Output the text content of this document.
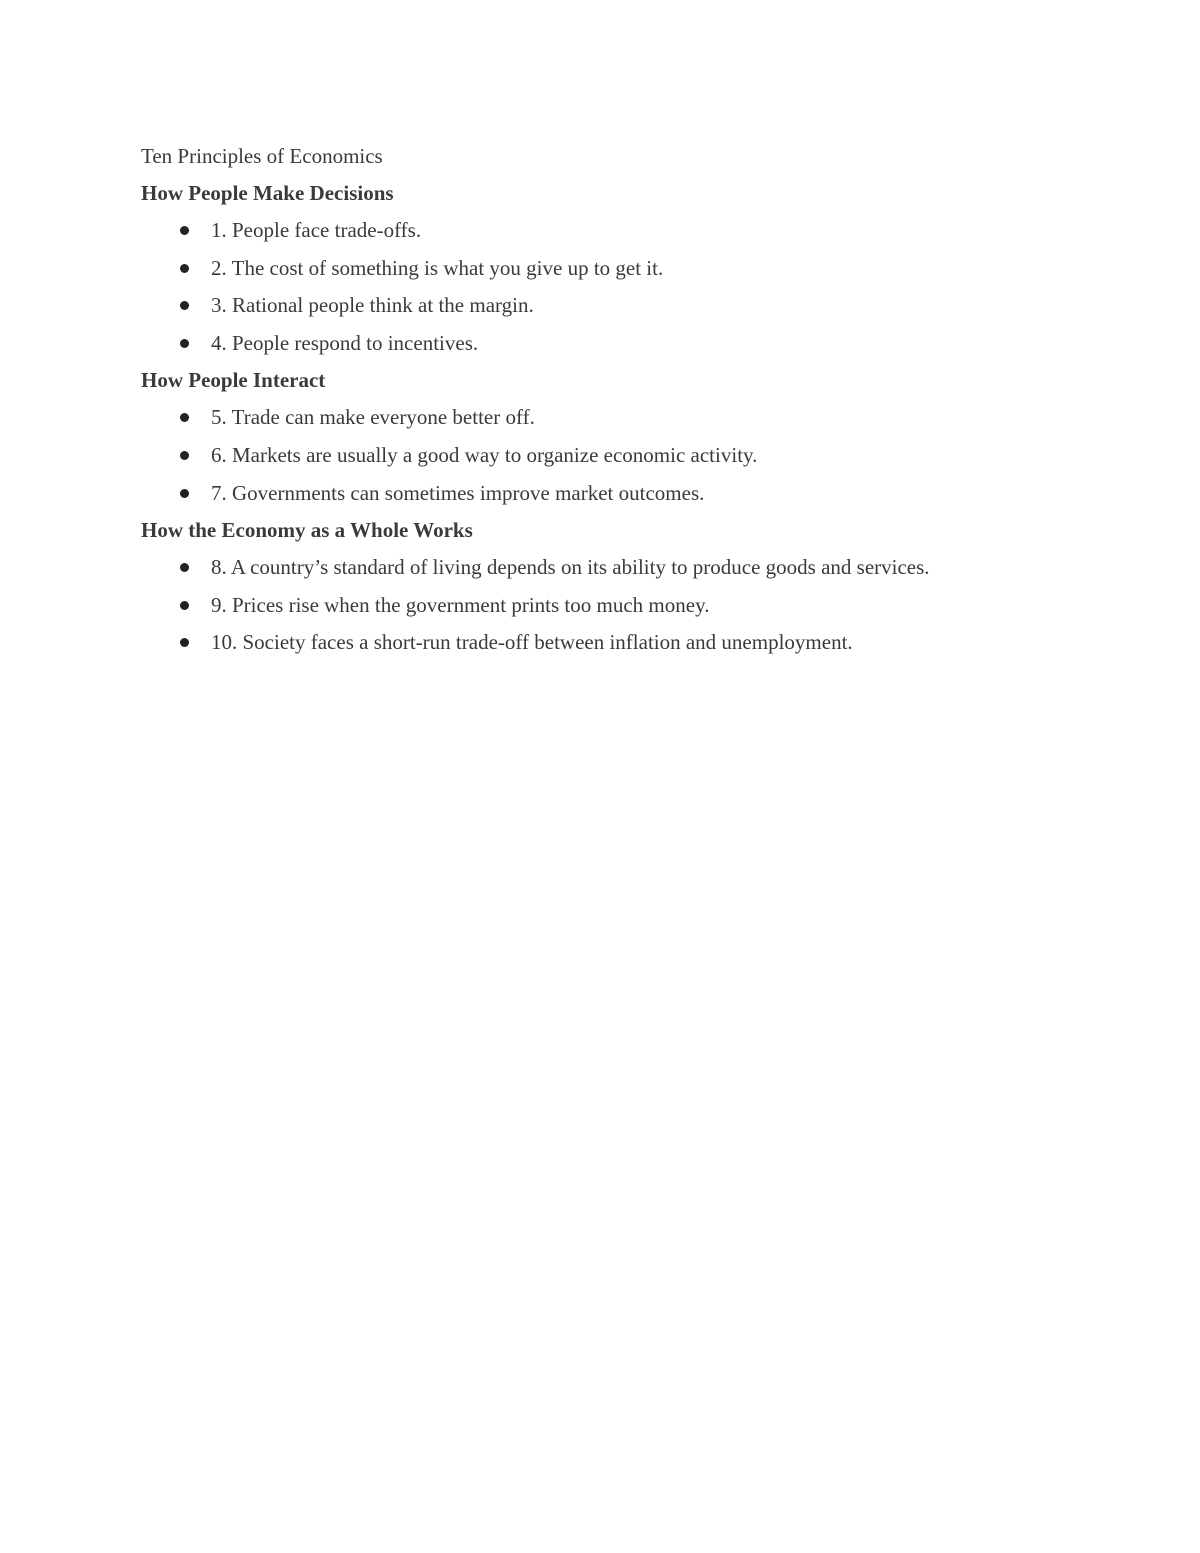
Ten Principles of Economics
How People Make Decisions
1. People face trade-offs.
2. The cost of something is what you give up to get it.
3. Rational people think at the margin.
4. People respond to incentives.
How People Interact
5. Trade can make everyone better off.
6. Markets are usually a good way to organize economic activity.
7. Governments can sometimes improve market outcomes.
How the Economy as a Whole Works
8. A country’s standard of living depends on its ability to produce goods and services.
9. Prices rise when the government prints too much money.
10. Society faces a short-run trade-off between inflation and unemployment.
